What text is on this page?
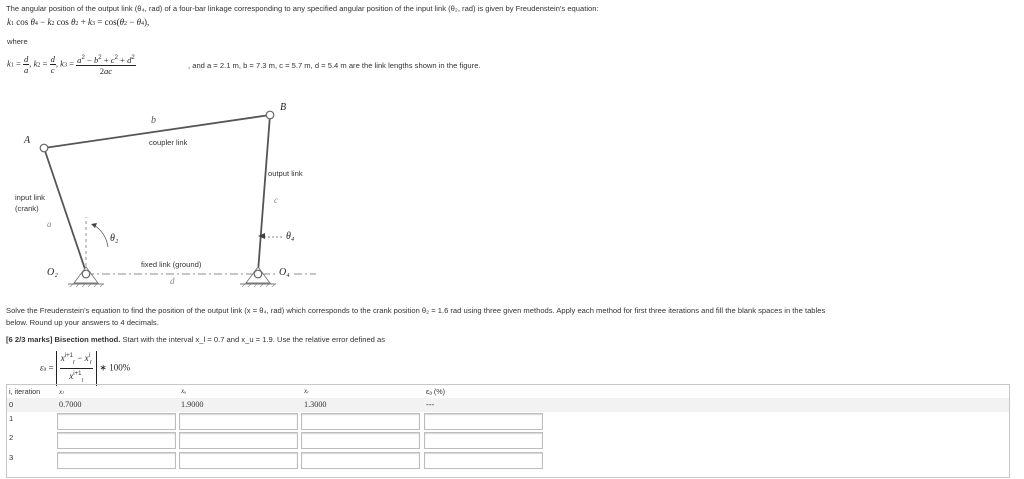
The angular position of the output link (θ₄, rad) of a four-bar linkage corresponding to any specified angular position of the input link (θ₂, rad) is given by Freudenstein's equation:
k1 cos θ4 − k2 cos θ2 + k3 = cos(θ2 − θ4),
where
$k1 = \frac{d}{a}$ , $k2 = \frac{d}{c}$ , $k3 = \frac{a^2 - b^2 + c^2 + d^2}{2ac}$	, and a = 2.1 m, b = 7.3 m, c = 5.7 m, d = 5.4 m are the link lengths shown in the figure.
A
B
b
coupler link
output link
c
input link
(crank)
a
θ₂	θ₄
fixed link (ground)
d
O₂	O₄
Solve the Freudenstein's equation to find the position of the output link (x = θ₄, rad) which corresponds to the crank position θ₂ = 1.6 rad using three given methods. Apply each method for first three iterations and fill the blank spaces in the tables
below. Round up your answers to 4 decimals.
[6 2/3 marks] Bisection method. Start with the interval x_l = 0.7 and x_u = 1.9. Use the relative error defined as
$\varepsilon a = \frac{x^{i+1}_r - x^i_r}{x^{i+1}_r}$ ∗ 100%
i, iteration	xₗ	xᵤ	xᵣ	εₐ (%)
0	0.7000	1.9000	1.3000	---
1
2
3
